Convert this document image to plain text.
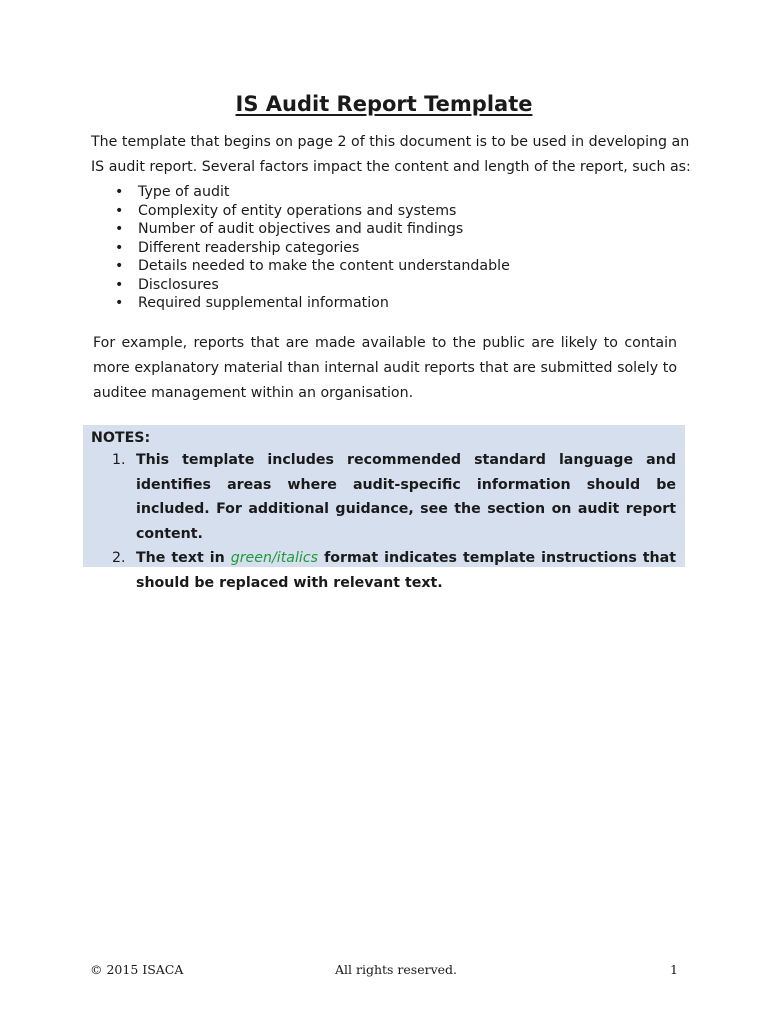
IS Audit Report Template

The template that begins on page 2 of this document is to be used in developing an IS audit report. Several factors impact the content and length of the report, such as:

• Type of audit
• Complexity of entity operations and systems
• Number of audit objectives and audit findings
• Different readership categories
• Details needed to make the content understandable
• Disclosures
• Required supplemental information

For example, reports that are made available to the public are likely to contain more explanatory material than internal audit reports that are submitted solely to auditee management within an organisation.

NOTES:

1. This template includes recommended standard language and identifies areas where audit-specific information should be included. For additional guidance, see the section on audit report content.
2. The text in green/italics format indicates template instructions that should be replaced with relevant text.
© 2015 ISACA	All rights reserved.	1
